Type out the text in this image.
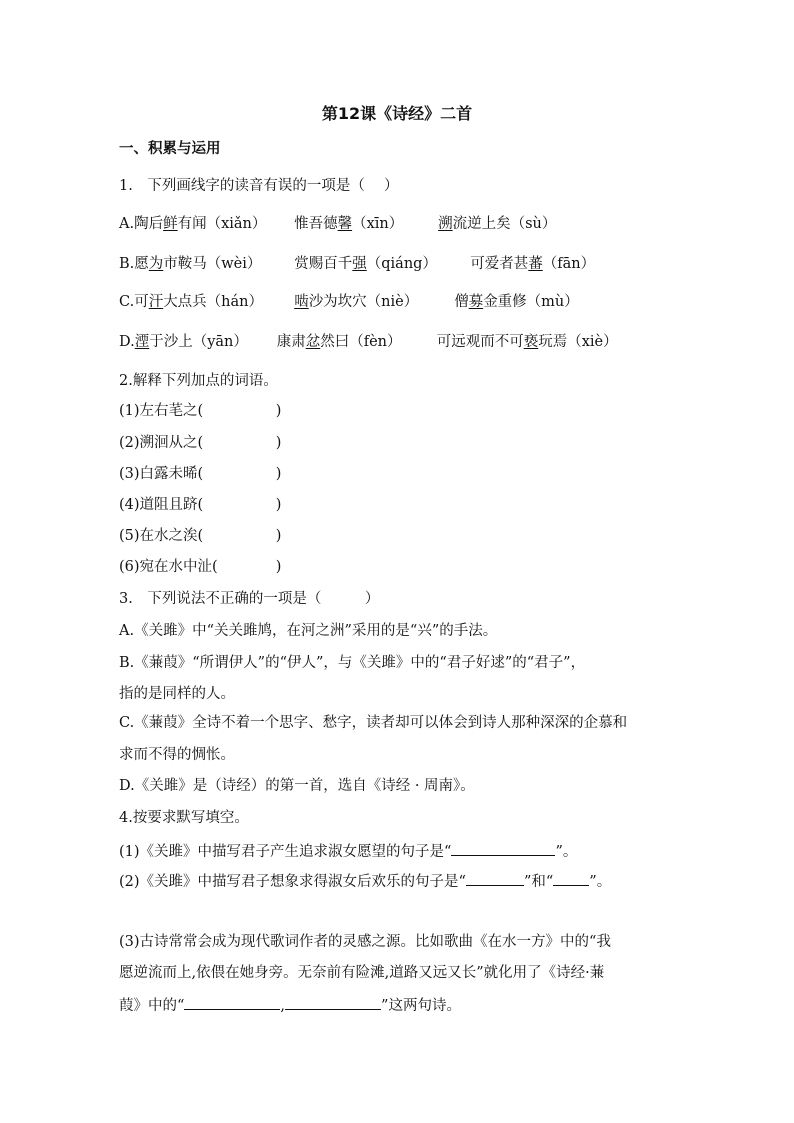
第12课《诗经》二首
一、积累与运用
1.　下列画线字的读音有误的一项是（　 ）
A.陶后鲜有闻（xiǎn） 惟吾德馨（xīn） 溯流逆上矣（sù）
B.愿为市鞍马（wèi） 赏赐百千强（qiáng） 可爱者甚蕃（fān）
C.可汗大点兵（hán） 啮沙为坎穴（niè） 僧募金重修（mù）
D.湮于沙上（yān） 康肃忿然曰（fèn） 可远观而不可亵玩焉（xiè）
2.解释下列加点的词语。
(1)左右芼之(　　　　　)
(2)溯洄从之(　　　　　)
(3)白露未晞(　　　　　)
(4)道阻且跻(　　　　　)
(5)在水之涘(　　　　　)
(6)宛在水中沚(　　　　)
3.　下列说法不正确的一项是（　　　）
A.《关雎》中“关关雎鸠，在河之洲”采用的是“兴”的手法。
B.《蒹葭》“所谓伊人”的“伊人”，与《关雎》中的“君子好逑”的“君子”，
指的是同样的人。
C.《蒹葭》全诗不着一个思字、愁字，读者却可以体会到诗人那种深深的企慕和
求而不得的惆怅。
D.《关雎》是（诗经）的第一首，选自《诗经 · 周南》。
4.按要求默写填空。
(1)《关雎》中描写君子产生追求淑女愿望的句子是“	”。
(2)《关雎》中描写君子想象求得淑女后欢乐的句子是“	”和“ ”。
(3)古诗常常会成为现代歌词作者的灵感之源。比如歌曲《在水一方》中的“我
愿逆流而上,依偎在她身旁。无奈前有险滩,道路又远又长”就化用了《诗经·蒹
葭》中的“	,	”这两句诗。
